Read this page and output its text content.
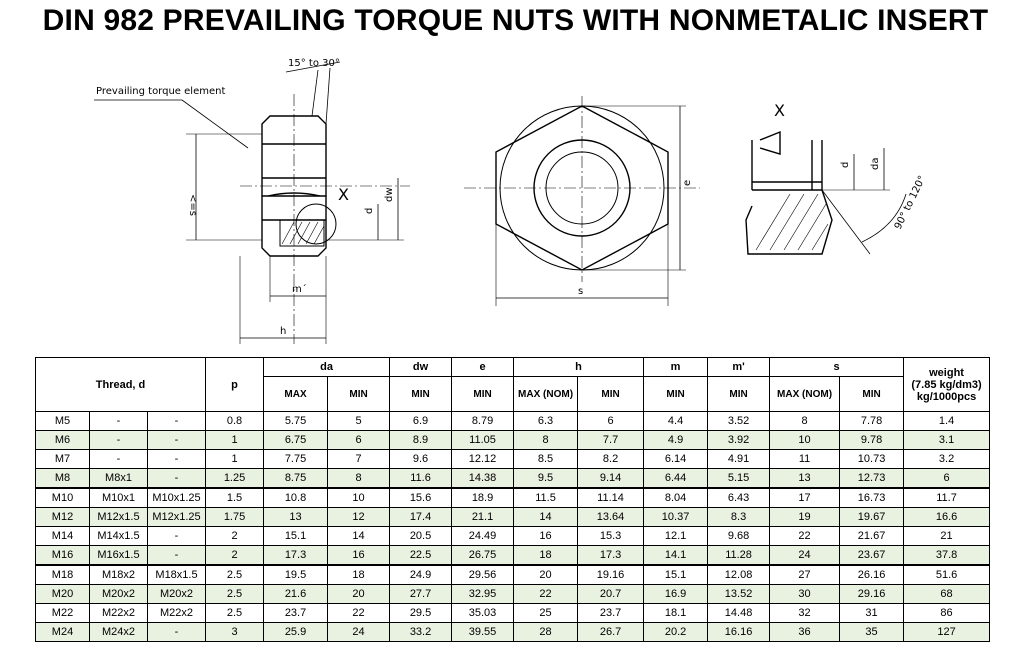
DIN 982 PREVAILING TORQUE NUTS WITH NONMETALIC INSERT
15° to 30°
Prevailing torque element
<=s	X
d
dw
m´
h
e
s
X
d da
90° to 120°
Thread, d			p	da		dw	e	h		m	m'	s		weight
(7.85 kg/dm3)
kg/1000pcs

				MAX	MIN	MIN	MIN	MAX (NOM)	MIN	MIN	MIN	MAX (NOM)	MIN	
M5	-	-	0.8	5.75	5	6.9	8.79	6.3	6	4.4	3.52	8	7.78	1.4
M6	-	-	1	6.75	6	8.9	11.05	8	7.7	4.9	3.92	10	9.78	3.1
M7	-	-	1	7.75	7	9.6	12.12	8.5	8.2	6.14	4.91	11	10.73	3.2
M8	M8x1	-	1.25	8.75	8	11.6	14.38	9.5	9.14	6.44	5.15	13	12.73	6
M10	M10x1	M10x1.25	1.5	10.8	10	15.6	18.9	11.5	11.14	8.04	6.43	17	16.73	11.7
M12	M12x1.5	M12x1.25	1.75	13	12	17.4	21.1	14	13.64	10.37	8.3	19	19.67	16.6
M14	M14x1.5	-	2	15.1	14	20.5	24.49	16	15.3	12.1	9.68	22	21.67	21
M16	M16x1.5	-	2	17.3	16	22.5	26.75	18	17.3	14.1	11.28	24	23.67	37.8
M18	M18x2	M18x1.5	2.5	19.5	18	24.9	29.56	20	19.16	15.1	12.08	27	26.16	51.6
M20	M20x2	M20x2	2.5	21.6	20	27.7	32.95	22	20.7	16.9	13.52	30	29.16	68
M22	M22x2	M22x2	2.5	23.7	22	29.5	35.03	25	23.7	18.1	14.48	32	31	86
M24	M24x2	-	3	25.9	24	33.2	39.55	28	26.7	20.2	16.16	36	35	127
